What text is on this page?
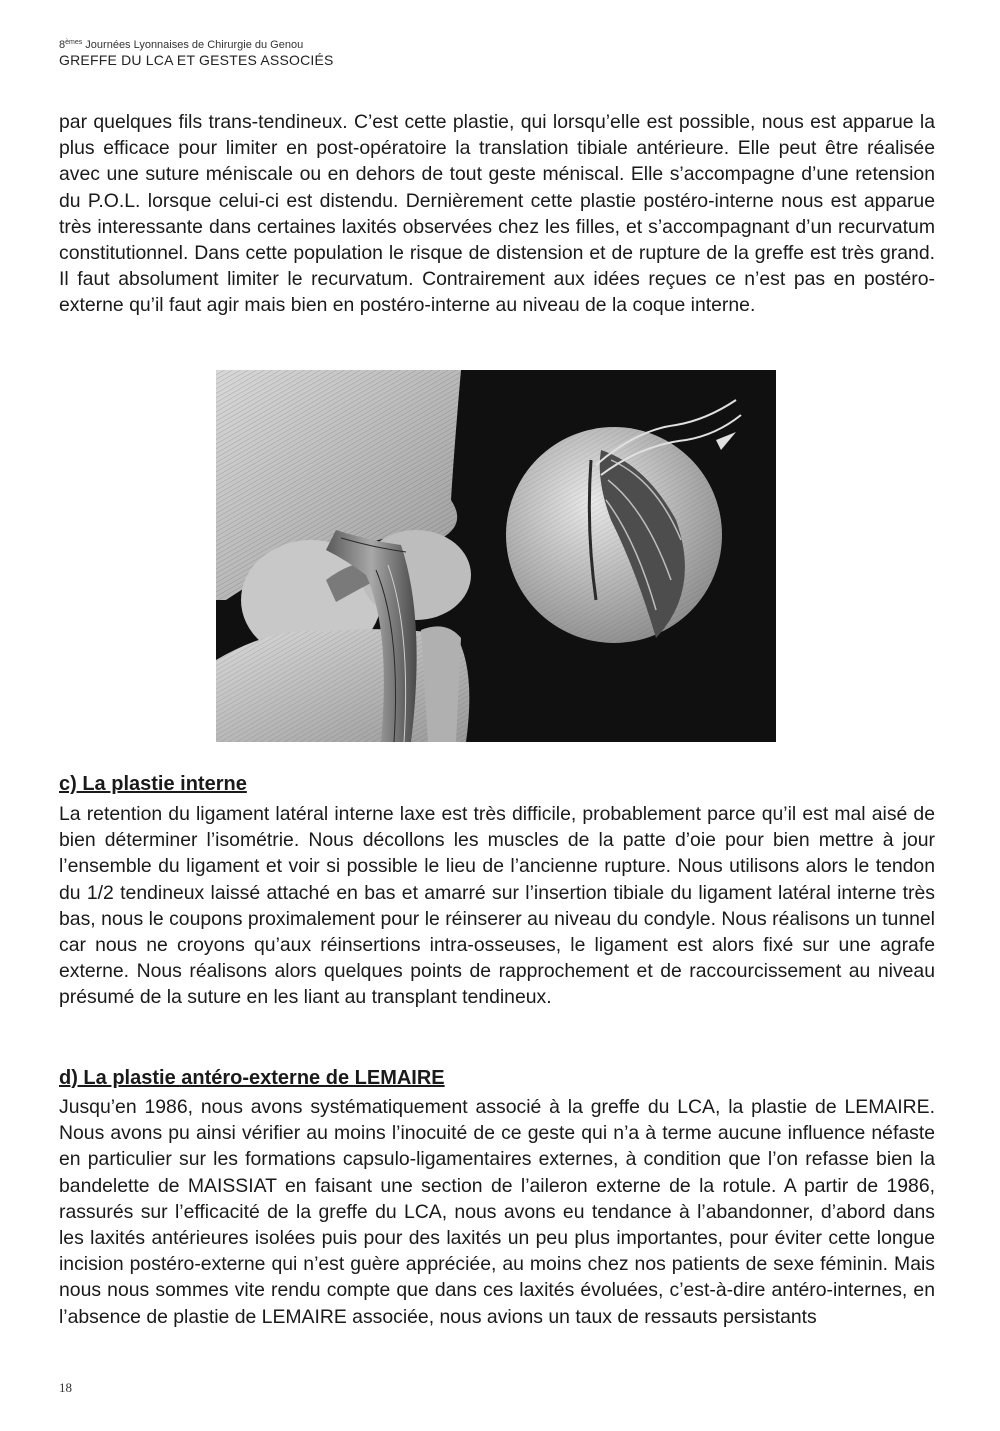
8èmes Journées Lyonnaises de Chirurgie du Genou
GREFFE DU LCA ET GESTES ASSOCIÉS

par quelques fils trans-tendineux. C’est cette plastie, qui lorsqu’elle est possible, nous est apparue la plus efficace pour limiter en post-opératoire la translation tibiale antérieure. Elle peut être réalisée avec une suture méniscale ou en dehors de tout geste méniscal. Elle s’accompagne d’une retension du P.O.L. lorsque celui-ci est distendu. Dernièrement cette plastie postéro-interne nous est apparue très interessante dans certaines laxités observées chez les filles, et s’accompagnant d’un recurvatum constitutionnel. Dans cette population le risque de distension et de rupture de la greffe est très grand. Il faut absolument limiter le recurvatum. Contrairement aux idées reçues ce n’est pas en postéro-externe qu’il faut agir mais bien en postéro-interne au niveau de la coque interne.

c) La plastie interne

La retention du ligament latéral interne laxe est très difficile, probablement parce qu’il est mal aisé de bien déterminer l’isométrie. Nous décollons les muscles de la patte d’oie pour bien mettre à jour l’ensemble du ligament et voir si possible le lieu de l’ancienne rupture. Nous utilisons alors le tendon du 1/2 tendineux laissé attaché en bas et amarré sur l’insertion tibiale du ligament latéral interne très bas, nous le coupons proximalement pour le réinserer au niveau du condyle. Nous réalisons un tunnel car nous ne croyons qu’aux réinsertions intra-osseuses, le ligament est alors fixé sur une agrafe externe. Nous réalisons alors quelques points de rapprochement et de raccourcissement au niveau présumé de la suture en les liant au transplant tendineux.

d) La plastie antéro-externe de LEMAIRE

Jusqu’en 1986, nous avons systématiquement associé à la greffe du LCA, la plastie de LEMAIRE. Nous avons pu ainsi vérifier au moins l’inocuité de ce geste qui n’a à terme aucune influence néfaste en particulier sur les formations capsulo-ligamentaires externes, à condition que l’on refasse bien la bandelette de MAISSIAT en faisant une section de l’aileron externe de la rotule. A partir de 1986, rassurés sur l’efficacité de la greffe du LCA, nous avons eu tendance à l’abandonner, d’abord dans les laxités antérieures isolées puis pour des laxités un peu plus importantes, pour éviter cette longue incision postéro-externe qui n’est guère appréciée, au moins chez nos patients de sexe féminin. Mais nous nous sommes vite rendu compte que dans ces laxités évoluées, c’est-à-dire antéro-internes, en l’absence de plastie de LEMAIRE associée, nous avions un taux de ressauts persistants

18
